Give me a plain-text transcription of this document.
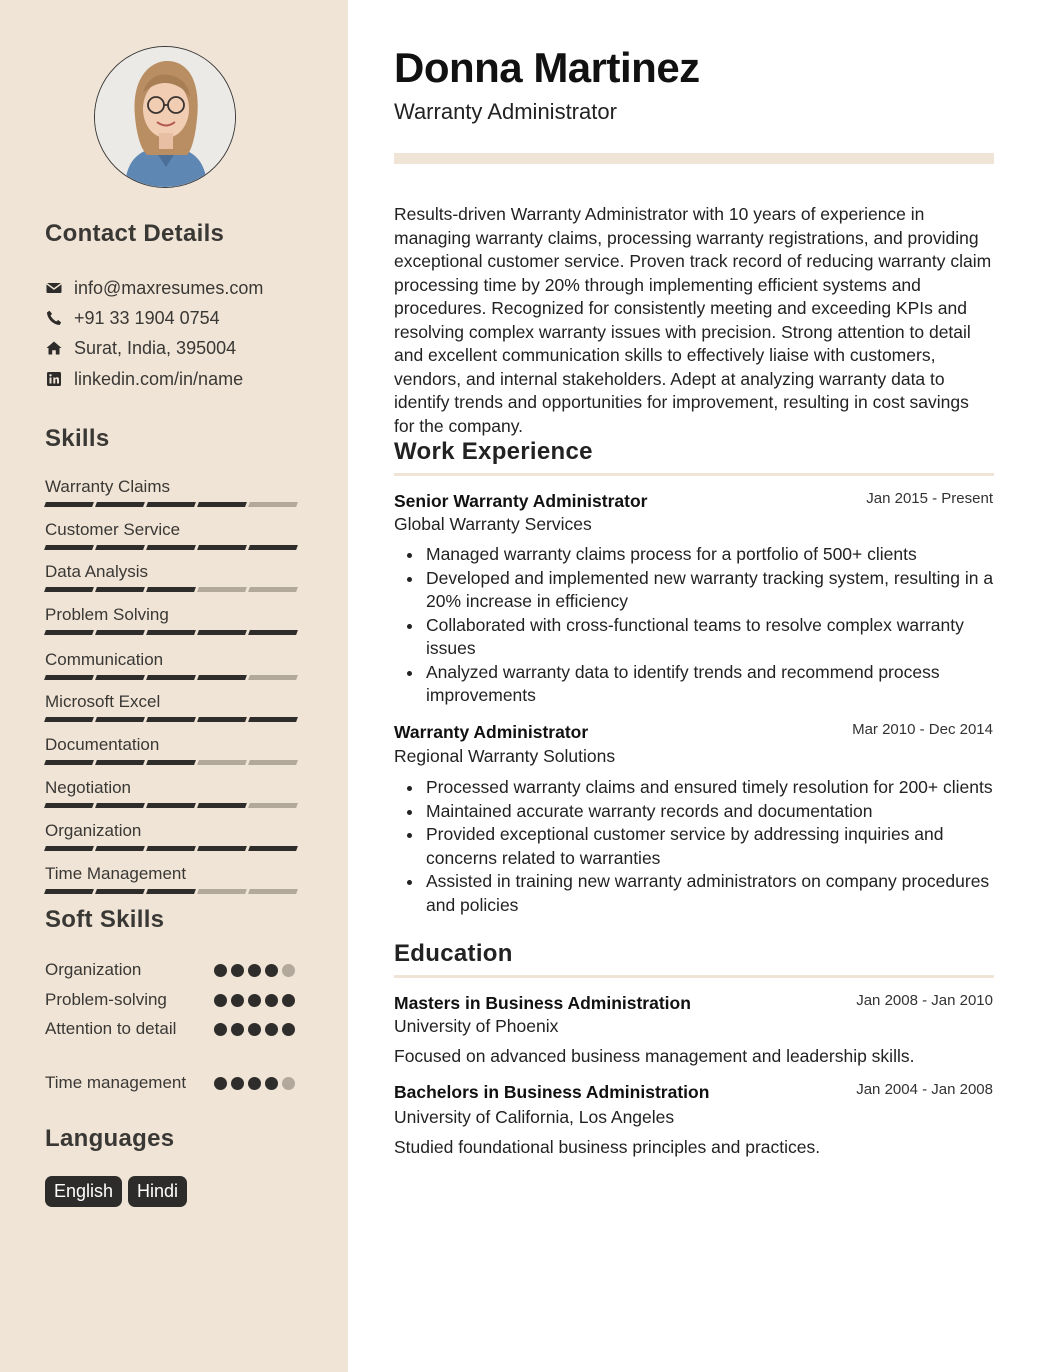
Contact Details
info@maxresumes.com
+91 33 1904 0754
Surat, India, 395004
linkedin.com/in/name
Skills
Warranty Claims
Customer Service
Data Analysis
Problem Solving
Communication
Microsoft Excel
Documentation
Negotiation
Organization
Time Management
Soft Skills
Organization
Problem-solving
Attention to detail
Time management
Languages
English	Hindi
Donna Martinez
Warranty Administrator
Results-driven Warranty Administrator with 10 years of experience in managing warranty claims, processing warranty registrations, and providing exceptional customer service. Proven track record of reducing warranty claim processing time by 20% through implementing efficient systems and procedures. Recognized for consistently meeting and exceeding KPIs and resolving complex warranty issues with precision. Strong attention to detail and excellent communication skills to effectively liaise with customers, vendors, and internal stakeholders. Adept at analyzing warranty data to identify trends and opportunities for improvement, resulting in cost savings for the company.
Work Experience
Senior Warranty Administrator	Jan 2015 - Present
Global Warranty Services
Managed warranty claims process for a portfolio of 500+ clients
Developed and implemented new warranty tracking system, resulting in a 20% increase in efficiency
Collaborated with cross-functional teams to resolve complex warranty issues
Analyzed warranty data to identify trends and recommend process improvements
Warranty Administrator	Mar 2010 - Dec 2014
Regional Warranty Solutions
Processed warranty claims and ensured timely resolution for 200+ clients
Maintained accurate warranty records and documentation
Provided exceptional customer service by addressing inquiries and concerns related to warranties
Assisted in training new warranty administrators on company procedures and policies
Education
Masters in Business Administration	Jan 2008 - Jan 2010
University of Phoenix
Focused on advanced business management and leadership skills.
Bachelors in Business Administration	Jan 2004 - Jan 2008
University of California, Los Angeles
Studied foundational business principles and practices.
